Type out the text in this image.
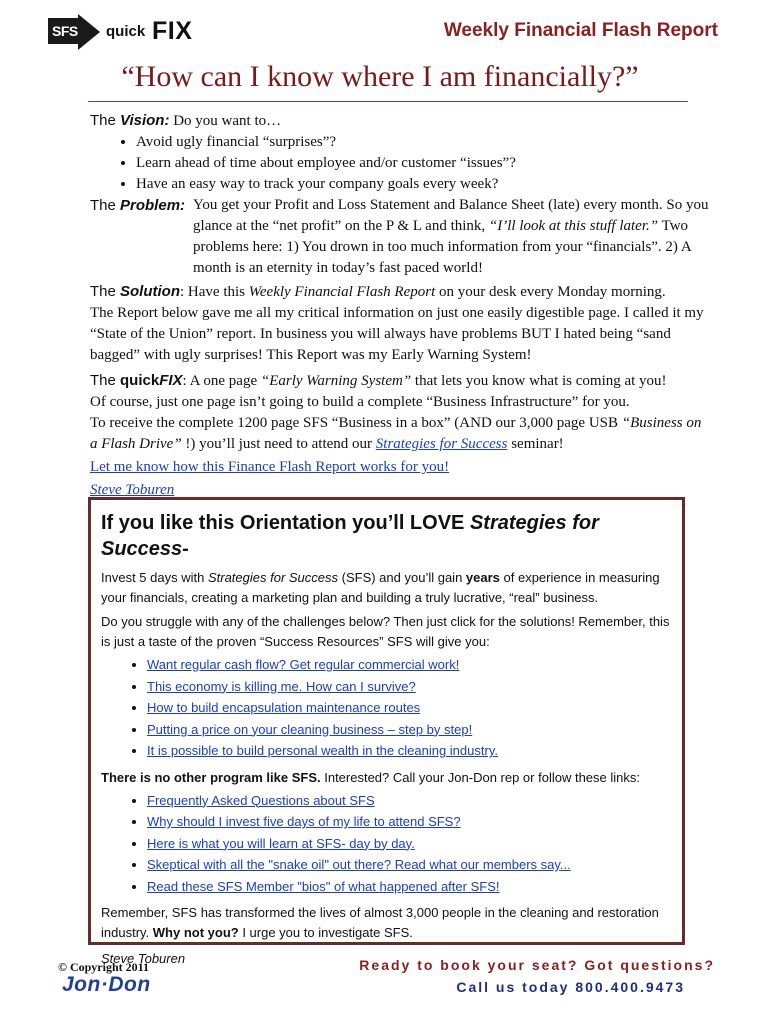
SFS quick FIX	Weekly Financial Flash Report
“How can I know where I am financially?”

The Vision: Do you want to…

• Avoid ugly financial “surprises”?
• Learn ahead of time about employee and/or customer “issues”?
• Have an easy way to track your company goals every week?
The Problem: You get your Profit and Loss Statement and Balance Sheet (late) every month. So you glance at the “net profit” on the P & L and think, “I’ll look at this stuff later.” Two problems here: 1) You drown in too much information from your “financials”. 2) A month is an eternity in today’s fast paced world!

The Solution: Have this Weekly Financial Flash Report on your desk every Monday morning.

The Report below gave me all my critical information on just one easily digestible page. I called it my “State of the Union” report. In business you will always have problems BUT I hated being “sand bagged” with ugly surprises! This Report was my Early Warning System!

The quickFIX: A one page “Early Warning System” that lets you know what is coming at you!

Of course, just one page isn’t going to build a complete “Business Infrastructure” for you.

To receive the complete 1200 page SFS “Business in a box” (AND our 3,000 page USB “Business on a Flash Drive” !) you’ll just need to attend our Strategies for Success seminar!

Let me know how this Finance Flash Report works for you!

Steve Toburen

If you like this Orientation you’ll LOVE Strategies for Success-

Invest 5 days with Strategies for Success (SFS) and you’ll gain years of experience in measuring your financials, creating a marketing plan and building a truly lucrative, “real” business.

Do you struggle with any of the challenges below? Then just click for the solutions! Remember, this is just a taste of the proven “Success Resources” SFS will give you:

• Want regular cash flow? Get regular commercial work!
• This economy is killing me. How can I survive?
• How to build encapsulation maintenance routes
• Putting a price on your cleaning business – step by step!
• It is possible to build personal wealth in the cleaning industry.

There is no other program like SFS. Interested? Call your Jon-Don rep or follow these links:

• Frequently Asked Questions about SFS
• Why should I invest five days of my life to attend SFS?
• Here is what you will learn at SFS- day by day.
• Skeptical with all the "snake oil" out there? Read what our members say...
• Read these SFS Member "bios" of what happened after SFS!

Remember, SFS has transformed the lives of almost 3,000 people in the cleaning and restoration industry. Why not you? I urge you to investigate SFS.

Steve Toburen

© Copyright 2011
Jon·Don
Ready to book your seat? Got questions?
Call us today 800.400.9473
